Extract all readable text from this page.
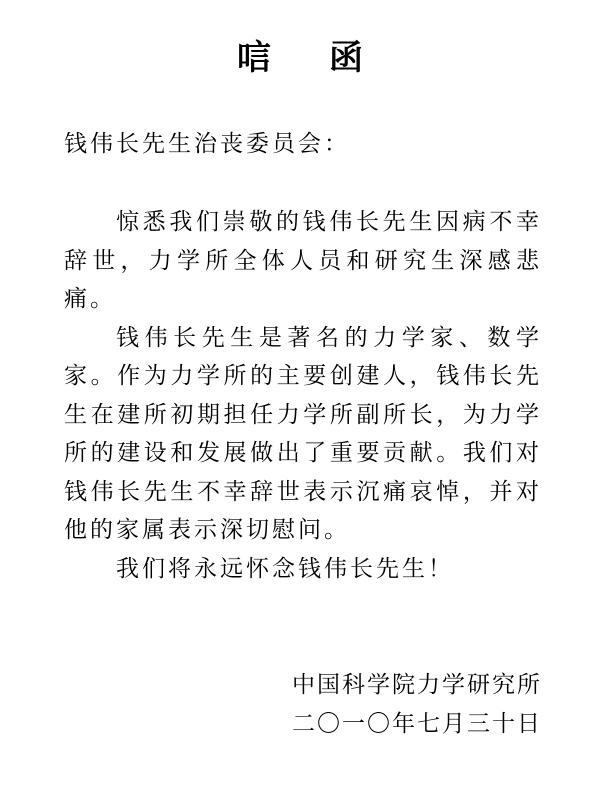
唁函
钱伟长先生治丧委员会：

惊悉我们崇敬的钱伟长先生因病不幸辞世，力学所全体人员和研究生深感悲痛。

钱伟长先生是著名的力学家、数学家。作为力学所的主要创建人，钱伟长先生在建所初期担任力学所副所长，为力学所的建设和发展做出了重要贡献。我们对钱伟长先生不幸辞世表示沉痛哀悼，并对他的家属表示深切慰问。

我们将永远怀念钱伟长先生！

中国科学院力学研究所
二〇一〇年七月三十日
